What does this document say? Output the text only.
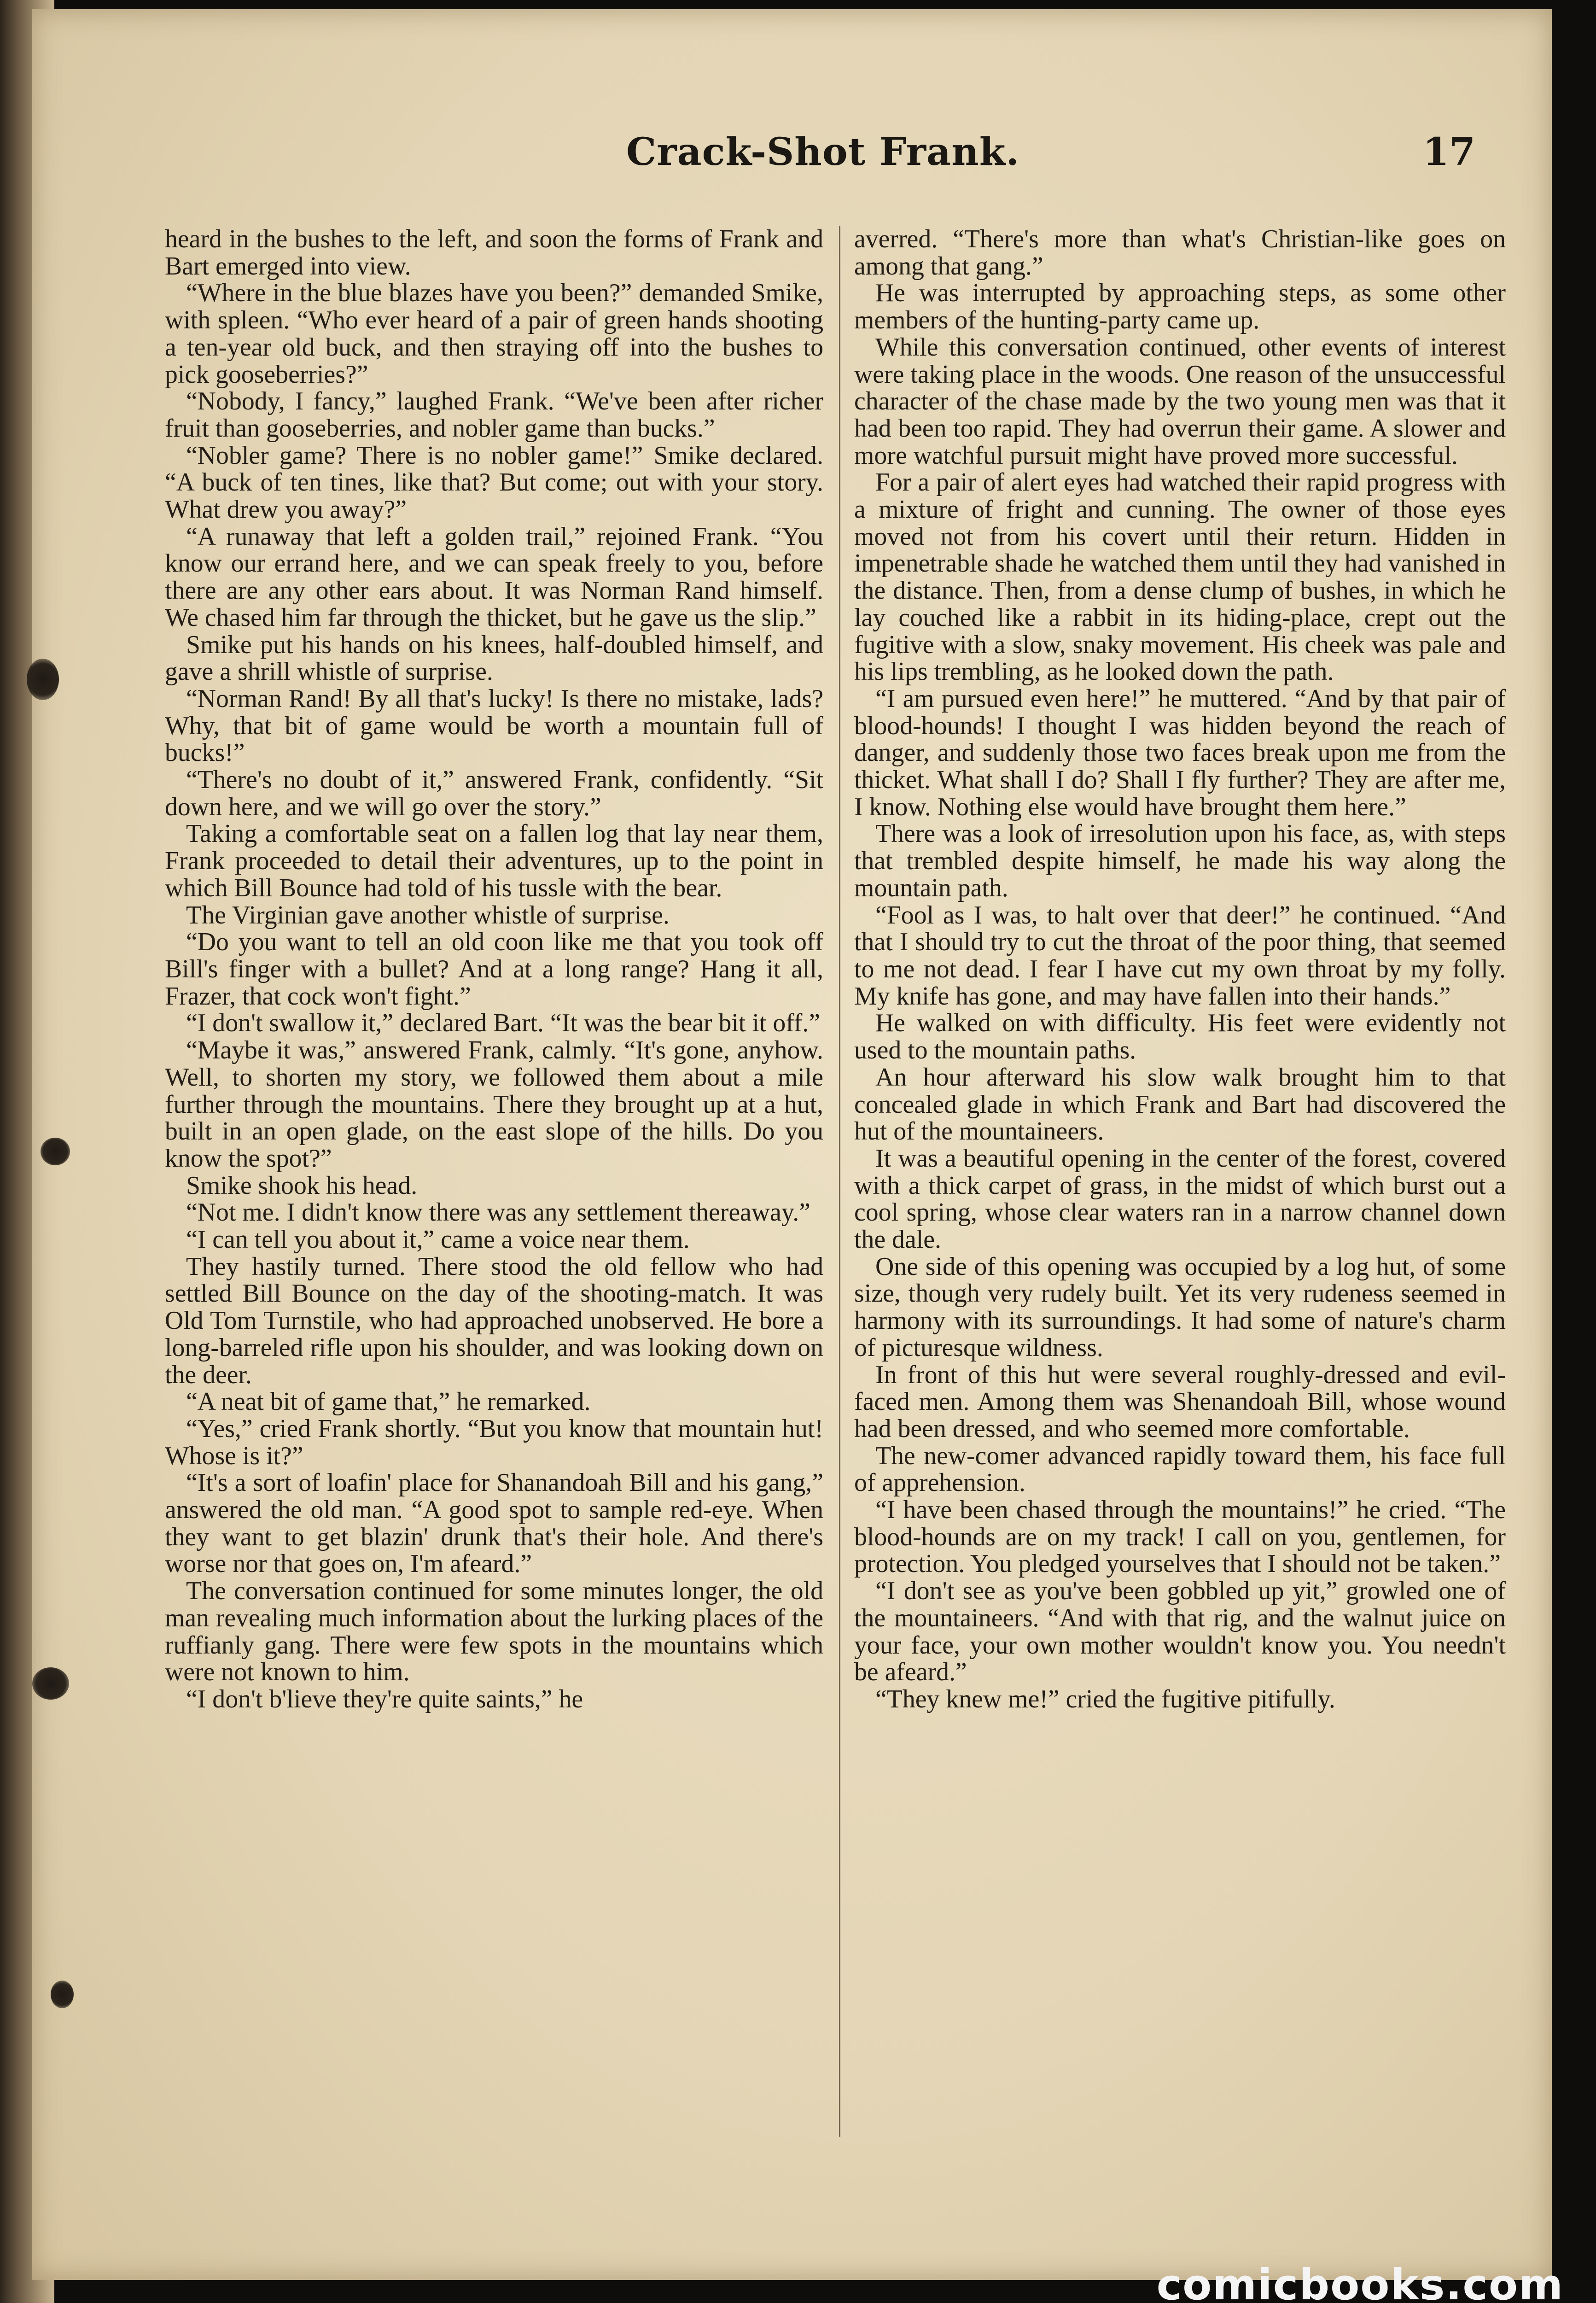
Crack-Shot Frank.	17

heard in the bushes to the left, and soon the forms of Frank and Bart emerged into view.

“Where in the blue blazes have you been?” demanded Smike, with spleen. “Who ever heard of a pair of green hands shooting a ten-year old buck, and then straying off into the bushes to pick gooseberries?”

“Nobody, I fancy,” laughed Frank. “We've been after richer fruit than gooseberries, and nobler game than bucks.”

“Nobler game? There is no nobler game!” Smike declared. “A buck of ten tines, like that? But come; out with your story. What drew you away?”

“A runaway that left a golden trail,” rejoined Frank. “You know our errand here, and we can speak freely to you, before there are any other ears about. It was Norman Rand himself. We chased him far through the thicket, but he gave us the slip.”

Smike put his hands on his knees, half-doubled himself, and gave a shrill whistle of surprise.

“Norman Rand! By all that's lucky! Is there no mistake, lads? Why, that bit of game would be worth a mountain full of bucks!”

“There's no doubt of it,” answered Frank, confidently. “Sit down here, and we will go over the story.”

Taking a comfortable seat on a fallen log that lay near them, Frank proceeded to detail their adventures, up to the point in which Bill Bounce had told of his tussle with the bear.

The Virginian gave another whistle of surprise.

“Do you want to tell an old coon like me that you took off Bill's finger with a bullet? And at a long range? Hang it all, Frazer, that cock won't fight.”

“I don't swallow it,” declared Bart. “It was the bear bit it off.”

“Maybe it was,” answered Frank, calmly. “It's gone, anyhow. Well, to shorten my story, we followed them about a mile further through the mountains. There they brought up at a hut, built in an open glade, on the east slope of the hills. Do you know the spot?”

Smike shook his head.

“Not me. I didn't know there was any settlement thereaway.”

“I can tell you about it,” came a voice near them.

They hastily turned. There stood the old fellow who had settled Bill Bounce on the day of the shooting-match. It was Old Tom Turnstile, who had approached unobserved. He bore a long-barreled rifle upon his shoulder, and was looking down on the deer.

“A neat bit of game that,” he remarked.

“Yes,” cried Frank shortly. “But you know that mountain hut! Whose is it?”

“It's a sort of loafin' place for Shanandoah Bill and his gang,” answered the old man. “A good spot to sample red-eye. When they want to get blazin' drunk that's their hole. And there's worse nor that goes on, I'm afeard.”

The conversation continued for some minutes longer, the old man revealing much information about the lurking places of the ruffianly gang. There were few spots in the mountains which were not known to him.

“I don't b'lieve they're quite saints,” he

averred. “There's more than what's Christian-like goes on among that gang.”

He was interrupted by approaching steps, as some other members of the hunting-party came up.

While this conversation continued, other events of interest were taking place in the woods. One reason of the unsuccessful character of the chase made by the two young men was that it had been too rapid. They had overrun their game. A slower and more watchful pursuit might have proved more successful.

For a pair of alert eyes had watched their rapid progress with a mixture of fright and cunning. The owner of those eyes moved not from his covert until their return. Hidden in impenetrable shade he watched them until they had vanished in the distance. Then, from a dense clump of bushes, in which he lay couched like a rabbit in its hiding-place, crept out the fugitive with a slow, snaky movement. His cheek was pale and his lips trembling, as he looked down the path.

“I am pursued even here!” he muttered. “And by that pair of blood-hounds! I thought I was hidden beyond the reach of danger, and suddenly those two faces break upon me from the thicket. What shall I do? Shall I fly further? They are after me, I know. Nothing else would have brought them here.”

There was a look of irresolution upon his face, as, with steps that trembled despite himself, he made his way along the mountain path.

“Fool as I was, to halt over that deer!” he continued. “And that I should try to cut the throat of the poor thing, that seemed to me not dead. I fear I have cut my own throat by my folly. My knife has gone, and may have fallen into their hands.”

He walked on with difficulty. His feet were evidently not used to the mountain paths.

An hour afterward his slow walk brought him to that concealed glade in which Frank and Bart had discovered the hut of the mountaineers.

It was a beautiful opening in the center of the forest, covered with a thick carpet of grass, in the midst of which burst out a cool spring, whose clear waters ran in a narrow channel down the dale.

One side of this opening was occupied by a log hut, of some size, though very rudely built. Yet its very rudeness seemed in harmony with its surroundings. It had some of nature's charm of picturesque wildness.

In front of this hut were several roughly-dressed and evil-faced men. Among them was Shenandoah Bill, whose wound had been dressed, and who seemed more comfortable.

The new-comer advanced rapidly toward them, his face full of apprehension.

“I have been chased through the mountains!” he cried. “The blood-hounds are on my track! I call on you, gentlemen, for protection. You pledged yourselves that I should not be taken.”

“I don't see as you've been gobbled up yit,” growled one of the mountaineers. “And with that rig, and the walnut juice on your face, your own mother wouldn't know you. You needn't be afeard.”

“They knew me!” cried the fugitive pitifully.

comicbooks.com
